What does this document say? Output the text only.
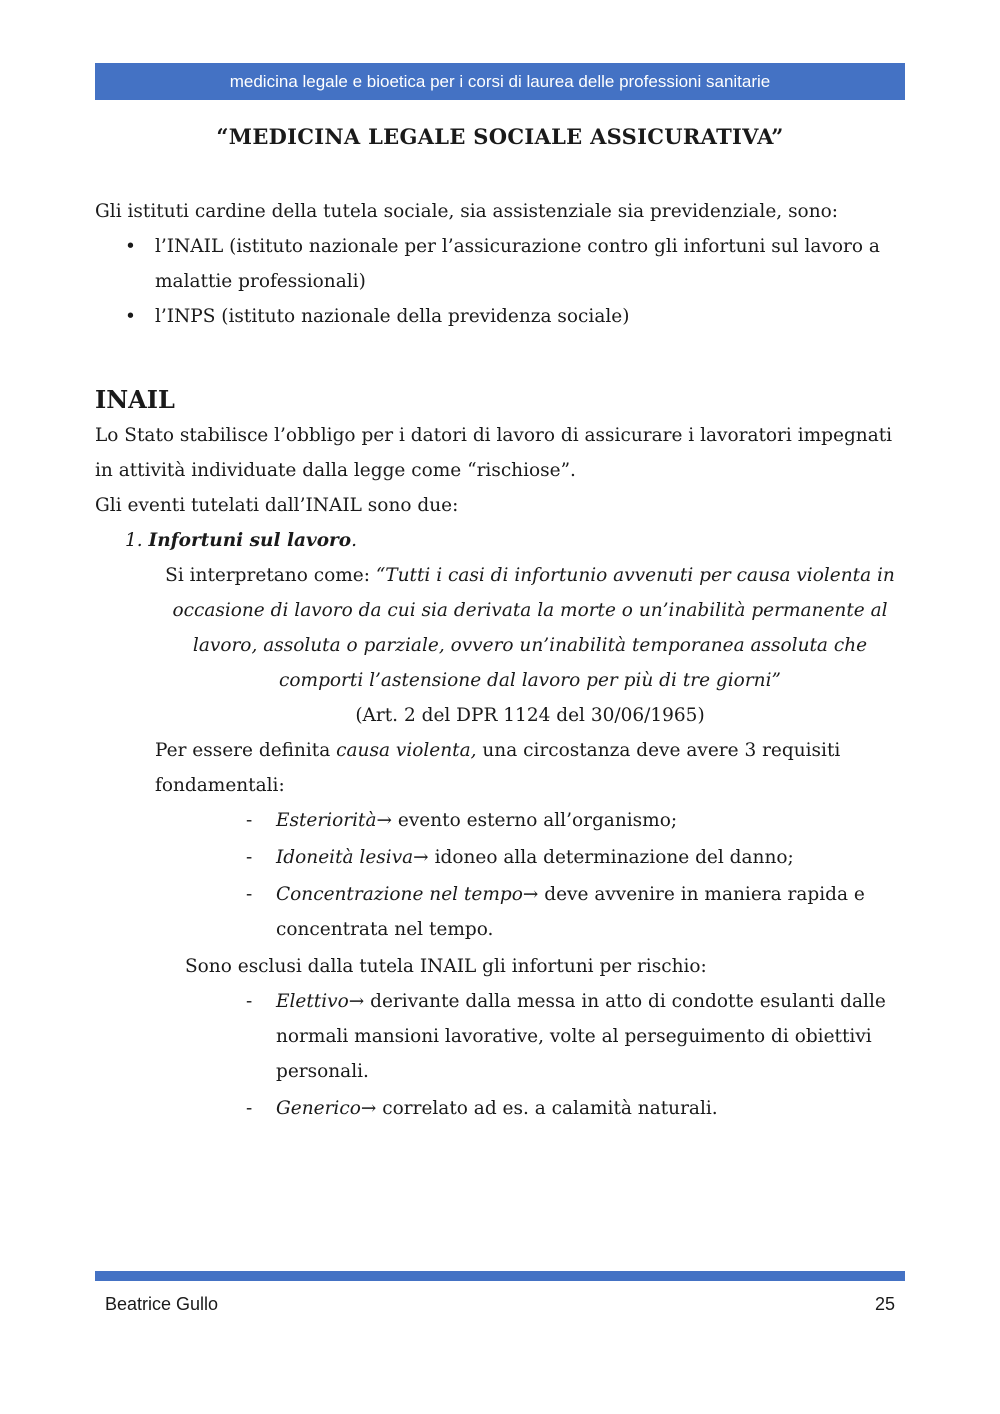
medicina legale e bioetica per i corsi di laurea delle professioni sanitarie
“MEDICINA LEGALE SOCIALE ASSICURATIVA”

Gli istituti cardine della tutela sociale, sia assistenziale sia previdenziale, sono:

• l’INAIL (istituto nazionale per l’assicurazione contro gli infortuni sul lavoro a malattie professionali)
• l’INPS (istituto nazionale della previdenza sociale)
INAIL

Lo Stato stabilisce l’obbligo per i datori di lavoro di assicurare i lavoratori impegnati in attività individuate dalla legge come “rischiose”.

Gli eventi tutelati dall’INAIL sono due:

1. Infortuni sul lavoro.

Si interpretano come: “Tutti i casi di infortunio avvenuti per causa violenta in occasione di lavoro da cui sia derivata la morte o un’inabilità permanente al lavoro, assoluta o parziale, ovvero un’inabilità temporanea assoluta che comporti l’astensione dal lavoro per più di tre giorni”

(Art. 2 del DPR 1124 del 30/06/1965)

Per essere definita causa violenta, una circostanza deve avere 3 requisiti fondamentali:

- Esteriorità→ evento esterno all’organismo;
- Idoneità lesiva→ idoneo alla determinazione del danno;
- Concentrazione nel tempo→ deve avvenire in maniera rapida e concentrata nel tempo.

Sono esclusi dalla tutela INAIL gli infortuni per rischio:

- Elettivo→ derivante dalla messa in atto di condotte esulanti dalle normali mansioni lavorative, volte al perseguimento di obiettivi personali.
- Generico→ correlato ad es. a calamità naturali.
Beatrice Gullo	25
